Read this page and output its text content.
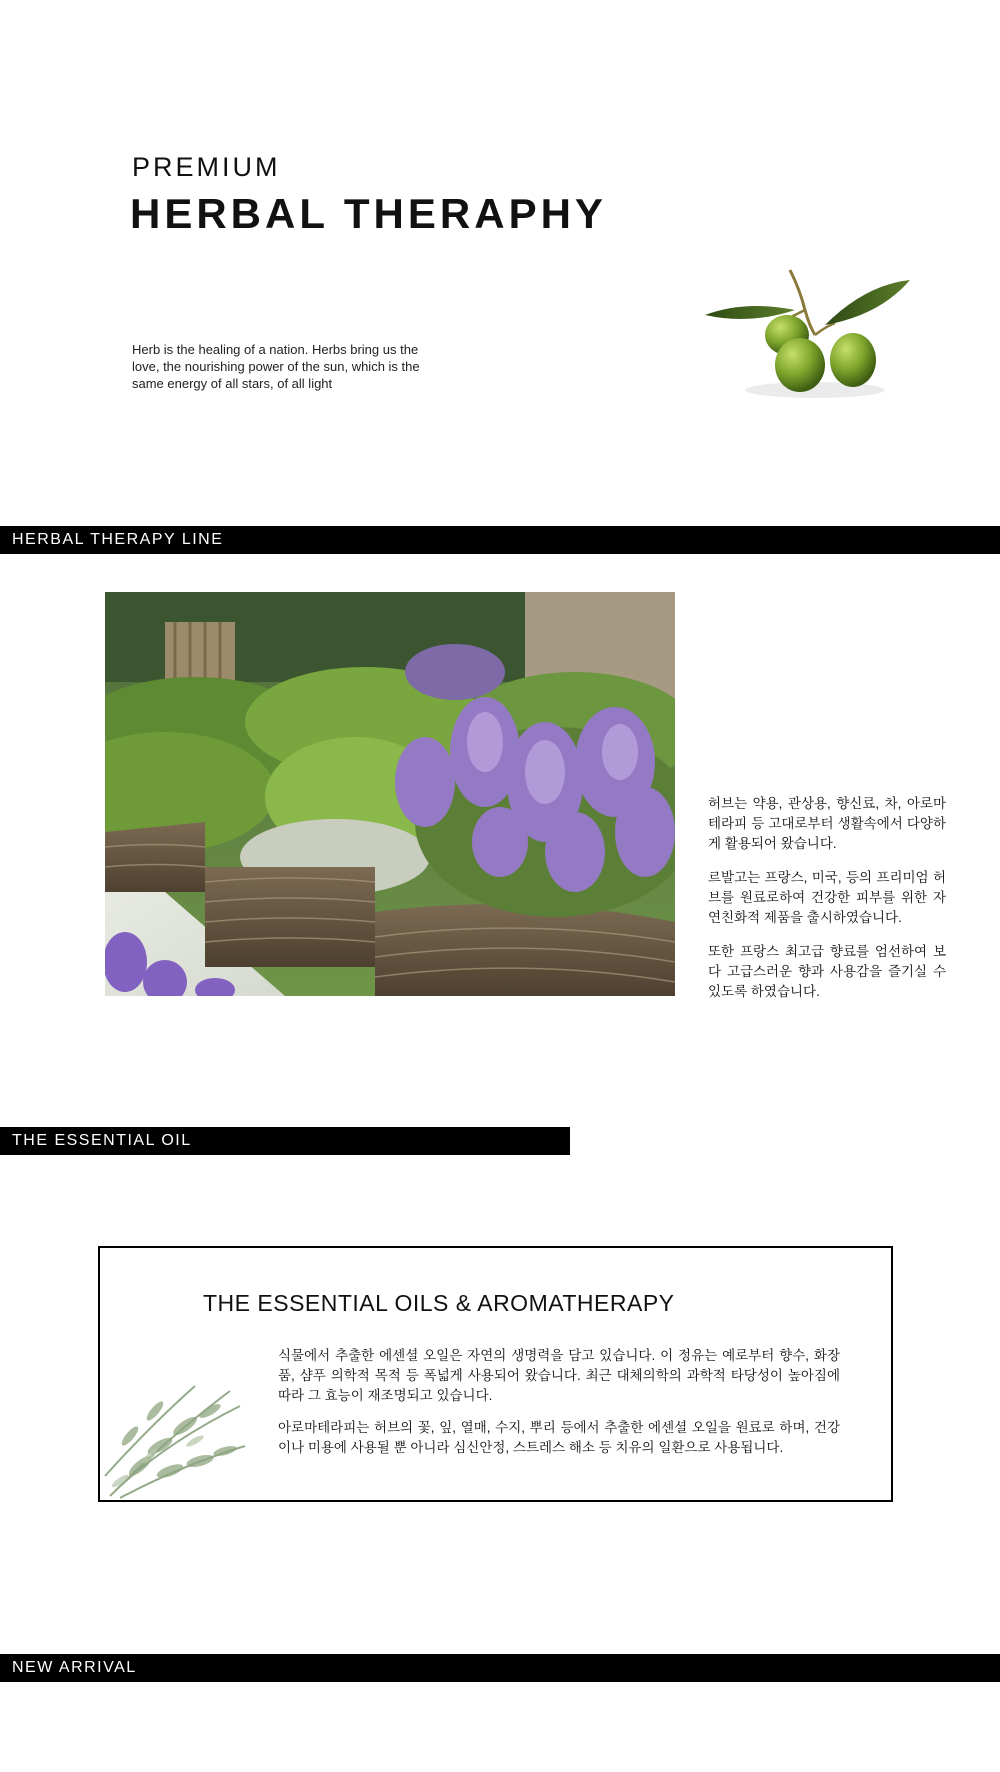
PREMIUM
HERBAL THERAPHY
Herb is the healing of a nation. Herbs bring us the love, the nourishing power of the sun, which is the same energy of all stars, of all light
HERBAL THERAPY LINE

허브는 약용, 관상용, 향신료, 차, 아로마테라피 등 고대로부터 생활속에서 다양하게 활용되어 왔습니다.

르발고는 프랑스, 미국, 등의 프리미엄 허브를 원료로하여 건강한 피부를 위한 자연친화적 제품을 출시하였습니다.

또한 프랑스 최고급 향료를 엄선하여 보다 고급스러운 향과 사용감을 즐기실 수 있도록 하였습니다.

THE ESSENTIAL OIL
THE ESSENTIAL OILS & AROMATHERAPY

식물에서 추출한 에센셜 오일은 자연의 생명력을 담고 있습니다. 이 정유는 예로부터 향수, 화장품, 샴푸 의학적 목적 등 폭넓게 사용되어 왔습니다. 최근 대체의학의 과학적 타당성이 높아짐에 따라 그 효능이 재조명되고 있습니다.

아로마테라피는 허브의 꽃, 잎, 열매, 수지, 뿌리 등에서 추출한 에센셜 오일을 원료로 하며, 건강이나 미용에 사용될 뿐 아니라 심신안정, 스트레스 해소 등 치유의 일환으로 사용됩니다.

NEW ARRIVAL
